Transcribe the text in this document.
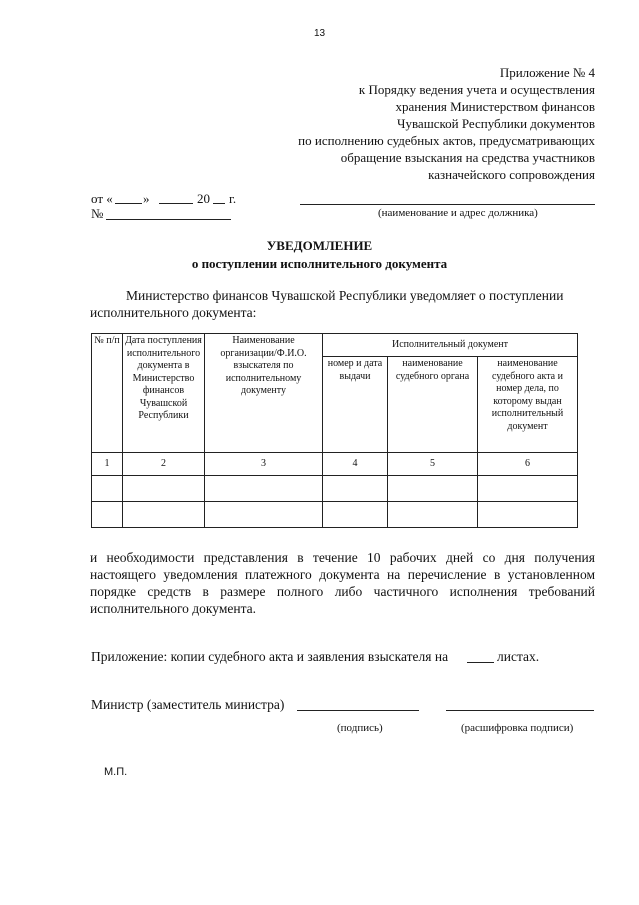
13
Приложение № 4
к Порядку ведения учета и осуществления
хранения Министерством финансов
Чувашской Республики документов
по исполнению судебных актов, предусматривающих
обращение взыскания на средства участников
казначейского сопровождения
от « »	20 г.
№	(наименование и адрес должника)
УВЕДОМЛЕНИЕ
о поступлении исполнительного документа
Министерство финансов Чувашской Республики уведомляет о поступлении исполнительного документа:
№ п/п	Дата поступления исполнительного документа в Министерство финансов Чувашской Республики	Наименование организации/Ф.И.О. взыскателя по исполнительному документу	Исполнительный документ		
			номер и дата выдачи	наименование судебного органа	наименование судебного акта и номер дела, по которому выдан исполнительный документ
1	2	3	4	5	6

и необходимости представления в течение 10 рабочих дней со дня получения настоящего уведомления платежного документа на перечисление в установленном порядке средств в размере полного либо частичного исполнения требований исполнительного документа.
Приложение: копии судебного акта и заявления взыскателя на	листах.
Министр (заместитель министра)
(подпись)	(расшифровка подписи)
М.П.
